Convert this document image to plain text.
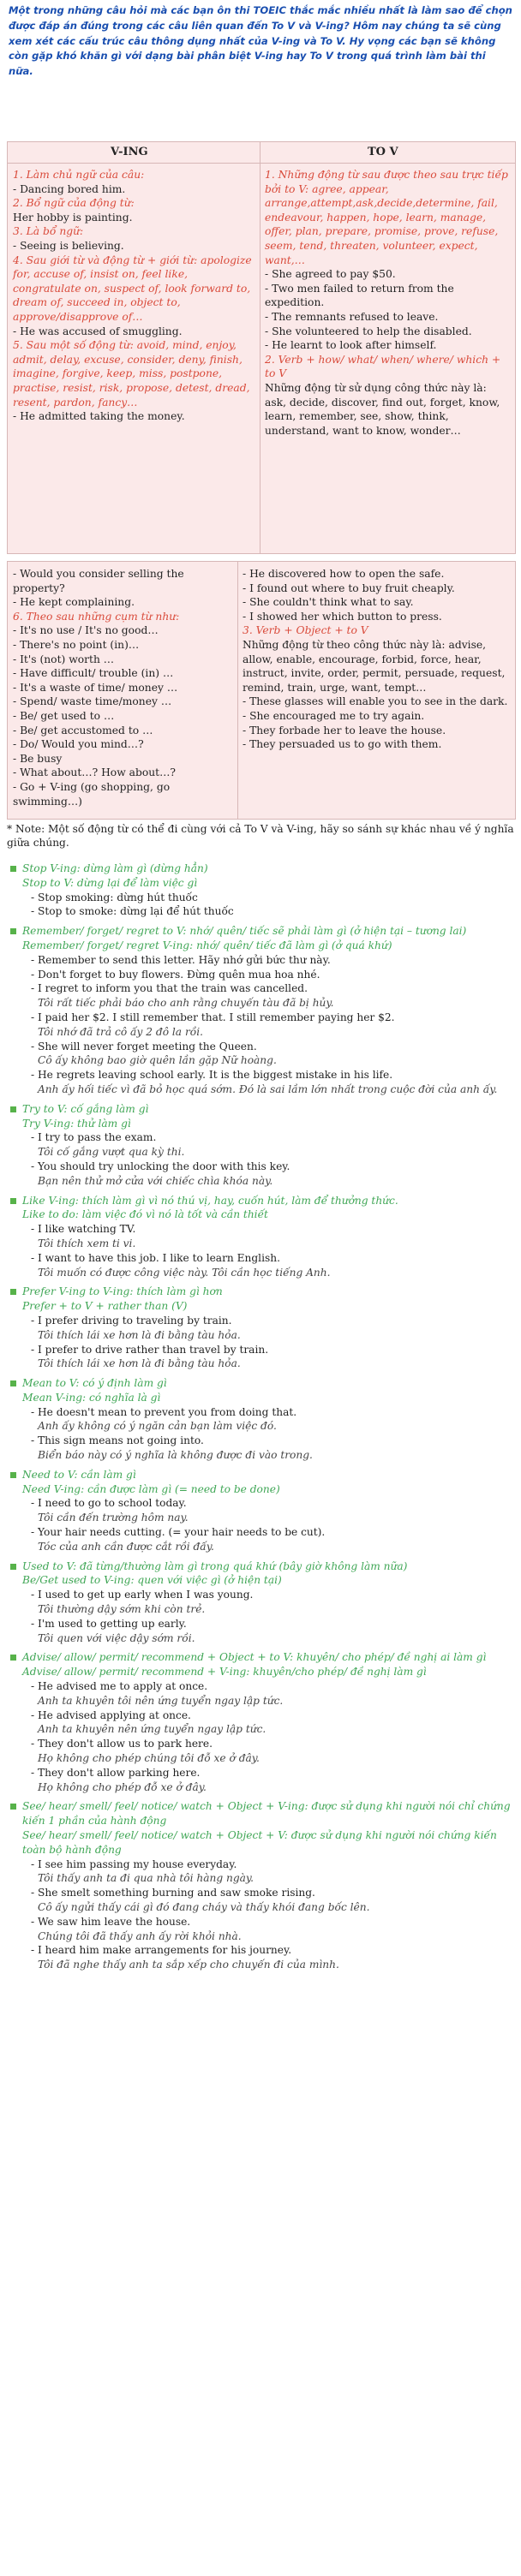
Một trong những câu hỏi mà các bạn ôn thi TOEIC thắc mắc nhiều nhất là làm sao để chọn được đáp án đúng trong các câu liên quan đến To V và V-ing? Hôm nay chúng ta sẽ cùng xem xét các cấu trúc câu thông dụng nhất của V-ing và To V. Hy vọng các bạn sẽ không còn gặp khó khăn gì với dạng bài phân biệt V-ing hay To V trong quá trình làm bài thi nữa.

V-ING	TO V
1. Làm chủ ngữ của câu:
- Dancing bored him.
2. Bổ ngữ của động từ:
Her hobby is painting.
3. Là bổ ngữ:
- Seeing is believing.
4. Sau giới từ và động từ + giới từ: apologize for, accuse of, insist on, feel like, congratulate on, suspect of, look forward to, dream of, succeed in, object to, approve/disapprove of…
- He was accused of smuggling.
5. Sau một số động từ: avoid, mind, enjoy, admit, delay, excuse, consider, deny, finish, imagine, forgive, keep, miss, postpone, practise, resist, risk, propose, detest, dread, resent, pardon, fancy…
- He admitted taking the money.
1. Những động từ sau được theo sau trực tiếp bởi to V: agree, appear, arrange,attempt,ask,decide,determine, fail, endeavour, happen, hope, learn, manage, offer, plan, prepare, promise, prove, refuse, seem, tend, threaten, volunteer, expect, want,…
- She agreed to pay $50.
- Two men failed to return from the expedition.
- The remnants refused to leave.
- She volunteered to help the disabled.
- He learnt to look after himself.
2. Verb + how/ what/ when/ where/ which + to V
Những động từ sử dụng công thức này là:
ask, decide, discover, find out, forget, know, learn, remember, see, show, think, understand, want to know, wonder…
- Would you consider selling the property?
- He kept complaining.
6. Theo sau những cụm từ như:
- It's no use / It's no good…
- There's no point (in)…
- It's (not) worth …
- Have difficult/ trouble (in) …
- It's a waste of time/ money …
- Spend/ waste time/money …
- Be/ get used to …
- Be/ get accustomed to …
- Do/ Would you mind…?
- Be busy
- What about…? How about…?
- Go + V-ing (go shopping, go swimming…)
- He discovered how to open the safe.
- I found out where to buy fruit cheaply.
- She couldn't think what to say.
- I showed her which button to press.
3. Verb + Object + to V
Những động từ theo công thức này là: advise, allow, enable, encourage, forbid, force, hear, instruct, invite, order, permit, persuade, request, remind, train, urge, want, tempt…
- These glasses will enable you to see in the dark.
- She encouraged me to try again.
- They forbade her to leave the house.
- They persuaded us to go with them.
* Note: Một số động từ có thể đi cùng với cả To V và V-ing, hãy so sánh sự khác nhau về ý nghĩa giữa chúng.
Stop V-ing: dừng làm gì (dừng hẳn)
Stop to V: dừng lại để làm việc gì
- Stop smoking: dừng hút thuốc
- Stop to smoke: dừng lại để hút thuốc
Remember/ forget/ regret to V: nhớ/ quên/ tiếc sẽ phải làm gì (ở hiện tại – tương lai)
Remember/ forget/ regret V-ing: nhớ/ quên/ tiếc đã làm gì (ở quá khứ)
- Remember to send this letter. Hãy nhớ gửi bức thư này.
- Don't forget to buy flowers. Đừng quên mua hoa nhé.
- I regret to inform you that the train was cancelled.
Tôi rất tiếc phải báo cho anh rằng chuyến tàu đã bị hủy.
- I paid her $2. I still remember that. I still remember paying her $2.
Tôi nhớ đã trả cô ấy 2 đô la rồi.
- She will never forget meeting the Queen.
Cô ấy không bao giờ quên lần gặp Nữ hoàng.
- He regrets leaving school early. It is the biggest mistake in his life.
Anh ấy hối tiếc vì đã bỏ học quá sớm. Đó là sai lầm lớn nhất trong cuộc đời của anh ấy.
Try to V: cố gắng làm gì
Try V-ing: thử làm gì
- I try to pass the exam.
Tôi cố gắng vượt qua kỳ thi.
- You should try unlocking the door with this key.
Bạn nên thử mở cửa với chiếc chìa khóa này.
Like V-ing: thích làm gì vì nó thú vị, hay, cuốn hút, làm để thưởng thức.
Like to do: làm việc đó vì nó là tốt và cần thiết
- I like watching TV.
Tôi thích xem ti vi.
- I want to have this job. I like to learn English.
Tôi muốn có được công việc này. Tôi cần học tiếng Anh.
Prefer V-ing to V-ing: thích làm gì hơn
Prefer + to V + rather than (V)
- I prefer driving to traveling by train.
Tôi thích lái xe hơn là đi bằng tàu hỏa.
- I prefer to drive rather than travel by train.
Tôi thích lái xe hơn là đi bằng tàu hỏa.
Mean to V: có ý định làm gì
Mean V-ing: có nghĩa là gì
- He doesn't mean to prevent you from doing that.
Anh ấy không có ý ngăn cản bạn làm việc đó.
- This sign means not going into.
Biển báo này có ý nghĩa là không được đi vào trong.
Need to V: cần làm gì
Need V-ing: cần được làm gì (= need to be done)
- I need to go to school today.
Tôi cần đến trường hôm nay.
- Your hair needs cutting. (= your hair needs to be cut).
Tóc của anh cần được cắt rồi đấy.
Used to V: đã từng/thường làm gì trong quá khứ (bây giờ không làm nữa)
Be/Get used to V-ing: quen với việc gì (ở hiện tại)
- I used to get up early when I was young.
Tôi thường dậy sớm khi còn trẻ.
- I'm used to getting up early.
Tôi quen với việc dậy sớm rồi.
Advise/ allow/ permit/ recommend + Object + to V: khuyên/ cho phép/ đề nghị ai làm gì
Advise/ allow/ permit/ recommend + V-ing: khuyên/cho phép/ đề nghị làm gì
- He advised me to apply at once.
Anh ta khuyên tôi nên ứng tuyển ngay lập tức.
- He advised applying at once.
Anh ta khuyên nên ứng tuyển ngay lập tức.
- They don't allow us to park here.
Họ không cho phép chúng tôi đỗ xe ở đây.
- They don't allow parking here.
Họ không cho phép đỗ xe ở đây.
See/ hear/ smell/ feel/ notice/ watch + Object + V-ing: được sử dụng khi người nói chỉ chứng kiến 1 phần của hành động
See/ hear/ smell/ feel/ notice/ watch + Object + V: được sử dụng khi người nói chứng kiến toàn bộ hành động
- I see him passing my house everyday.
Tôi thấy anh ta đi qua nhà tôi hàng ngày.
- She smelt something burning and saw smoke rising.
Cô ấy ngửi thấy cái gì đó đang cháy và thấy khói đang bốc lên.
- We saw him leave the house.
Chúng tôi đã thấy anh ấy rời khỏi nhà.
- I heard him make arrangements for his journey.
Tôi đã nghe thấy anh ta sắp xếp cho chuyến đi của mình.
